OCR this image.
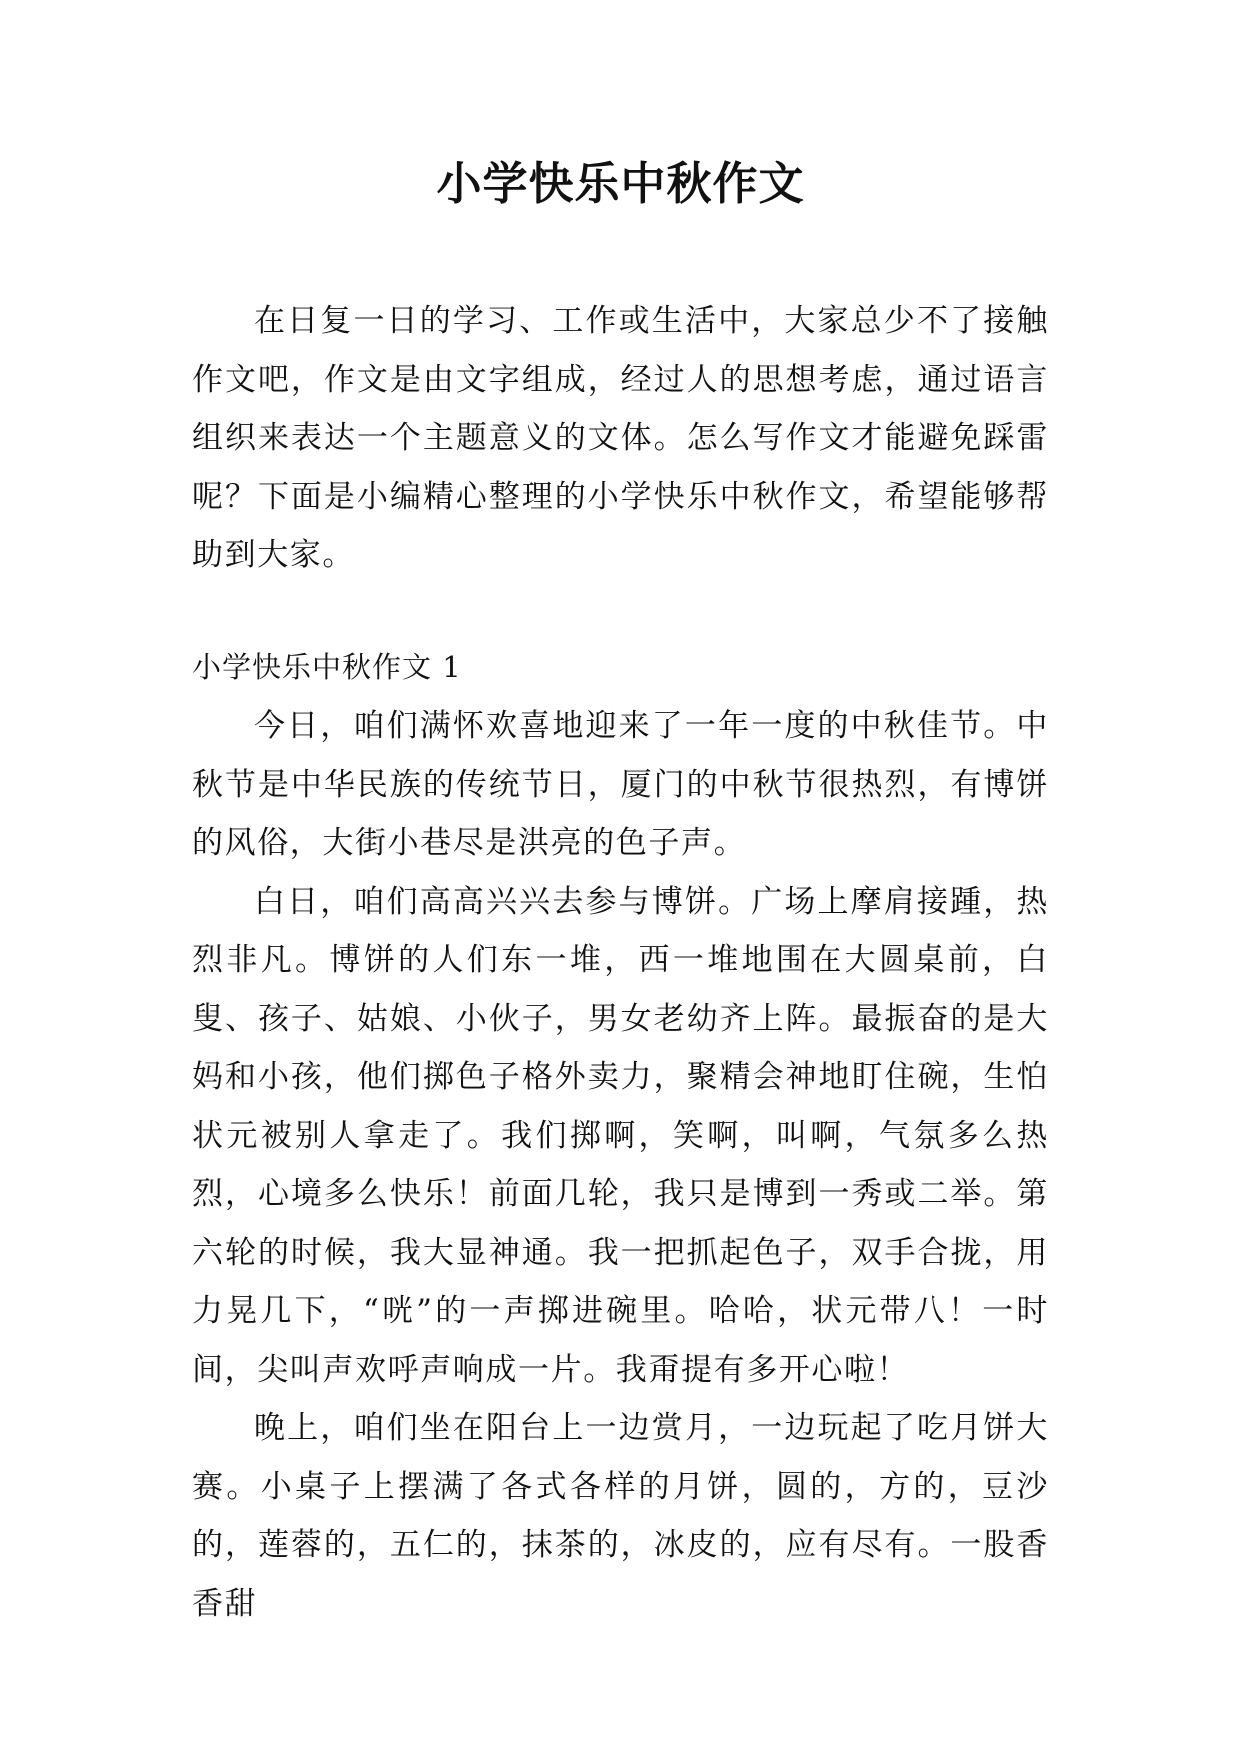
小学快乐中秋作文

在日复一日的学习、工作或生活中，大家总少不了接触作文吧，作文是由文字组成，经过人的思想考虑，通过语言组织来表达一个主题意义的文体。怎么写作文才能避免踩雷呢？下面是小编精心整理的小学快乐中秋作文，希望能够帮助到大家。

小学快乐中秋作文 1

今日，咱们满怀欢喜地迎来了一年一度的中秋佳节。中秋节是中华民族的传统节日，厦门的中秋节很热烈，有博饼的风俗，大街小巷尽是洪亮的色子声。

白日，咱们高高兴兴去参与博饼。广场上摩肩接踵，热烈非凡。博饼的人们东一堆，西一堆地围在大圆桌前，白叟、孩子、姑娘、小伙子，男女老幼齐上阵。最振奋的是大妈和小孩，他们掷色子格外卖力，聚精会神地盯住碗，生怕状元被别人拿走了。我们掷啊，笑啊，叫啊，气氛多么热烈，心境多么快乐！前面几轮，我只是博到一秀或二举。第六轮的时候，我大显神通。我一把抓起色子，双手合拢，用力晃几下，“咣”的一声掷进碗里。哈哈，状元带八！一时间，尖叫声欢呼声响成一片。我甭提有多开心啦！

晚上，咱们坐在阳台上一边赏月，一边玩起了吃月饼大赛。小桌子上摆满了各式各样的月饼，圆的，方的，豆沙的，莲蓉的，五仁的，抹茶的，冰皮的，应有尽有。一股香香甜
